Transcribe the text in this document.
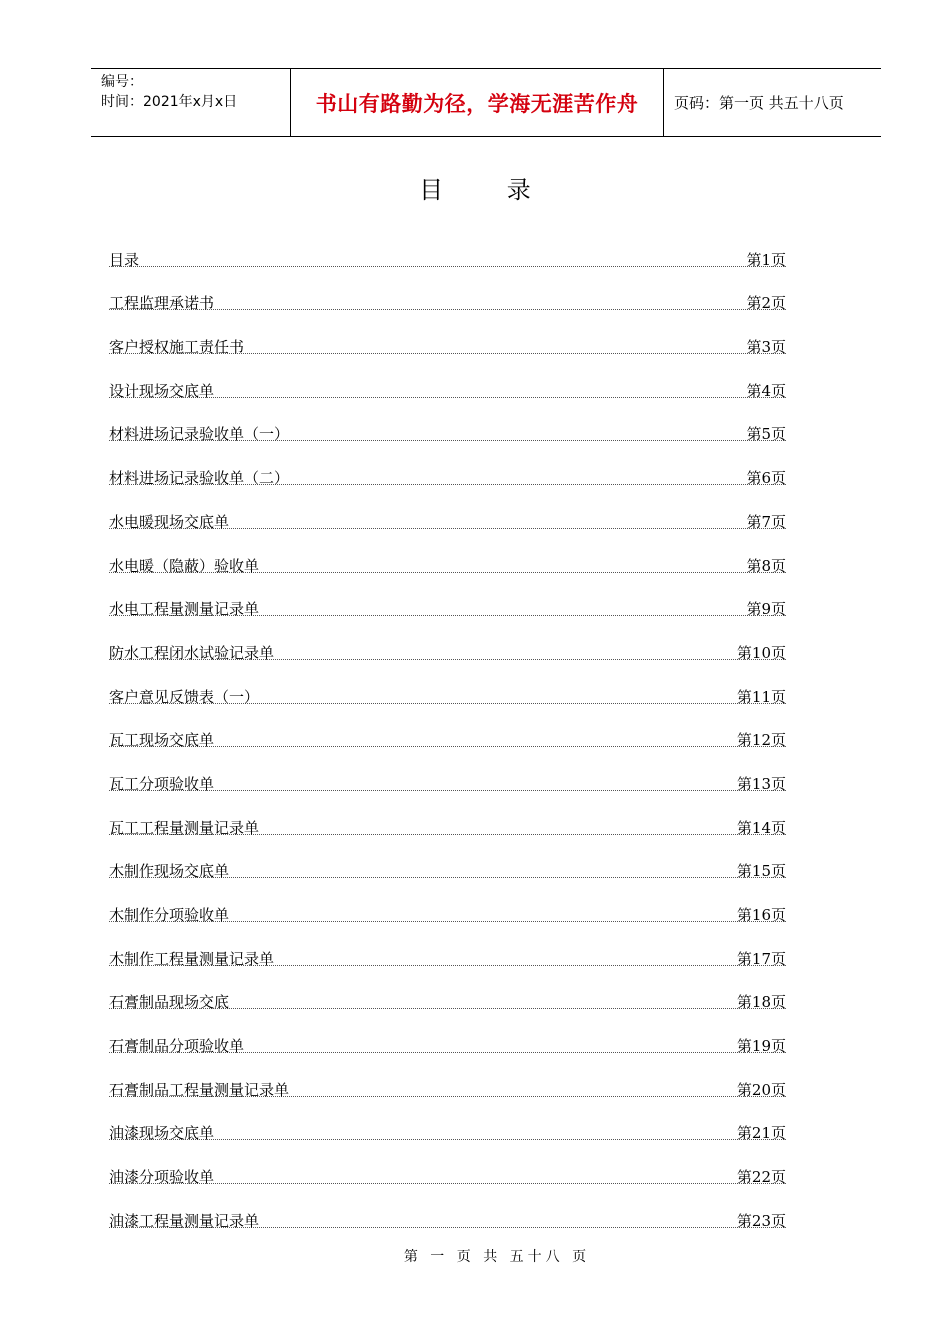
编号：
时间：2021年x月x日	书山有路勤为径，学海无涯苦作舟	页码：第一页 共五十八页
目 录
目录	第1页
工程监理承诺书	第2页
客户授权施工责任书	第3页
设计现场交底单	第4页
材料进场记录验收单（一）	第5页
材料进场记录验收单（二）	第6页
水电暖现场交底单	第7页
水电暖（隐蔽）验收单	第8页
水电工程量测量记录单	第9页
防水工程闭水试验记录单	第10页
客户意见反馈表（一）	第11页
瓦工现场交底单	第12页
瓦工分项验收单	第13页
瓦工工程量测量记录单	第14页
木制作现场交底单	第15页
木制作分项验收单	第16页
木制作工程量测量记录单	第17页
石膏制品现场交底	第18页
石膏制品分项验收单	第19页
石膏制品工程量测量记录单	第20页
油漆现场交底单	第21页
油漆分项验收单	第22页
油漆工程量测量记录单	第23页
第 一 页 共 五十八 页
